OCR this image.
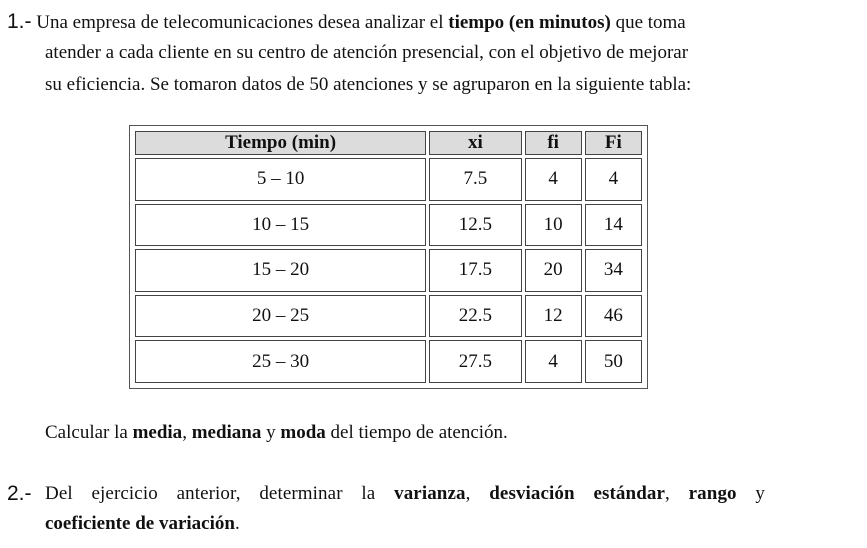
1.- Una empresa de telecomunicaciones desea analizar el tiempo (en minutos) que toma
atender a cada cliente en su centro de atención presencial, con el objetivo de mejorar
su eficiencia. Se tomaron datos de 50 atenciones y se agruparon en la siguiente tabla:
Tiempo (min)	xi	fi	Fi
5 – 10	7.5	4	4
10 – 15	12.5	10	14
15 – 20	17.5	20	34
20 – 25	22.5	12	46
25 – 30	27.5	4	50
Calcular la media, mediana y moda del tiempo de atención.
2.- Del ejercicio anterior, determinar la varianza, desviación estándar, rango y
coeficiente de variación.
